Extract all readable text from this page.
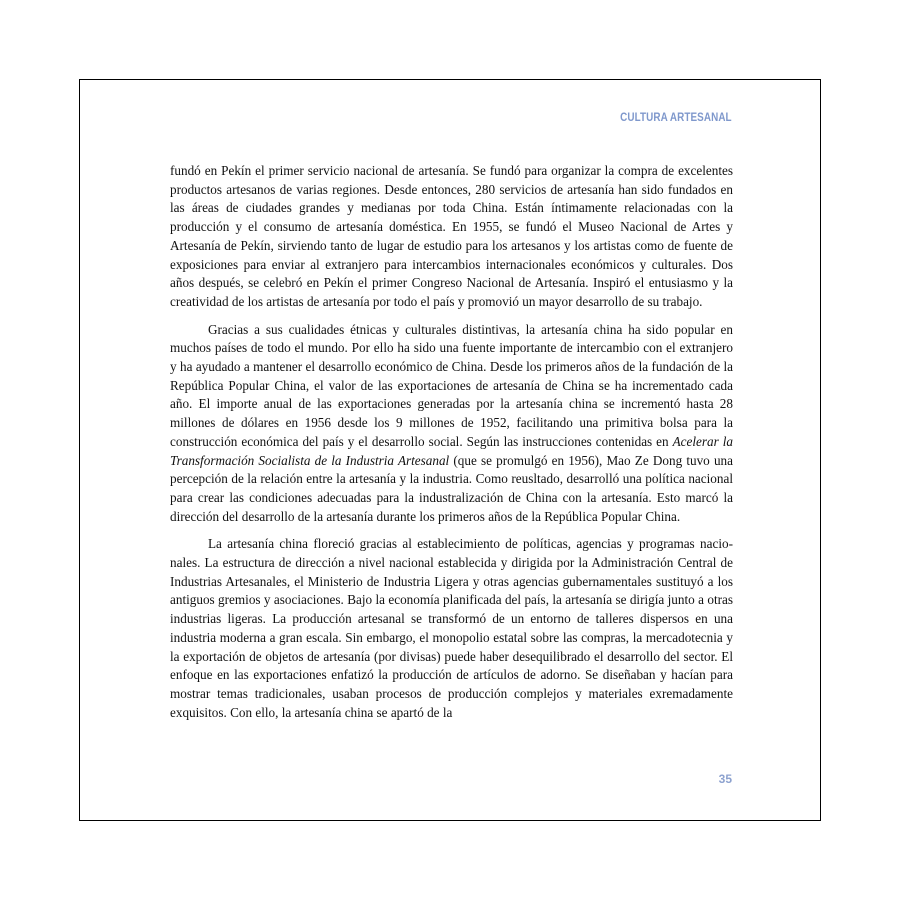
CULTURA ARTESANAL

fundó en Pekín el primer servicio nacional de artesanía. Se fundó para organizar la compra de excelentes productos artesanos de varias regiones. Desde entonces, 280 servicios de artesanía han sido fundados en las áreas de ciudades grandes y medianas por toda China. Están íntimamente relacionadas con la producción y el consumo de artesanía doméstica. En 1955, se fundó el Museo Nacional de Artes y Artesanía de Pekín, sirviendo tanto de lugar de estudio para los artesanos y los artistas como de fuente de exposiciones para enviar al extranjero para intercambios internacionales económicos y culturales. Dos años después, se celebró en Pekín el primer Congreso Nacional de Artesanía. Inspiró el entusiasmo y la creatividad de los artistas de artesanía por todo el país y promovió un mayor desarrollo de su trabajo.

Gracias a sus cualidades étnicas y culturales distintivas, la artesanía china ha sido popular en muchos países de todo el mundo. Por ello ha sido una fuente importante de intercambio con el extranjero y ha ayudado a mantener el desarrollo económico de China. Desde los primeros años de la fundación de la República Popular China, el valor de las exportaciones de artesanía de China se ha incrementado cada año. El importe anual de las exportaciones generadas por la artesanía china se incrementó hasta 28 millones de dólares en 1956 desde los 9 millones de 1952, facilitando una primitiva bolsa para la construcción económica del país y el desarrollo social. Según las instrucciones contenidas en Acelerar la Transformación Socialista de la Industria Artesanal (que se promulgó en 1956), Mao Ze Dong tuvo una percepción de la relación entre la artesanía y la industria. Como reusltado, desarrolló una política nacional para crear las condiciones adecuadas para la industralización de China con la artesanía. Esto marcó la dirección del desarrollo de la artesanía durante los primeros años de la República Popular China.

La artesanía china floreció gracias al establecimiento de políticas, agencias y programas nacionales. La estructura de dirección a nivel nacional establecida y dirigida por la Administración Central de Industrias Artesanales, el Ministerio de Industria Ligera y otras agencias gubernamentales sustituyó a los antiguos gremios y asociaciones. Bajo la economía planificada del país, la artesanía se dirigía junto a otras industrias ligeras. La producción artesanal se transformó de un entorno de talleres dispersos en una industria moderna a gran escala. Sin embargo, el monopolio estatal sobre las compras, la mercadotecnia y la exportación de objetos de artesanía (por divisas) puede haber desequilibrado el desarrollo del sector. El enfoque en las exportaciones enfatizó la producción de artículos de adorno. Se diseñaban y hacían para mostrar temas tradicionales, usaban procesos de producción complejos y materiales exremadamente exquisitos. Con ello, la artesanía china se apartó de la

35
